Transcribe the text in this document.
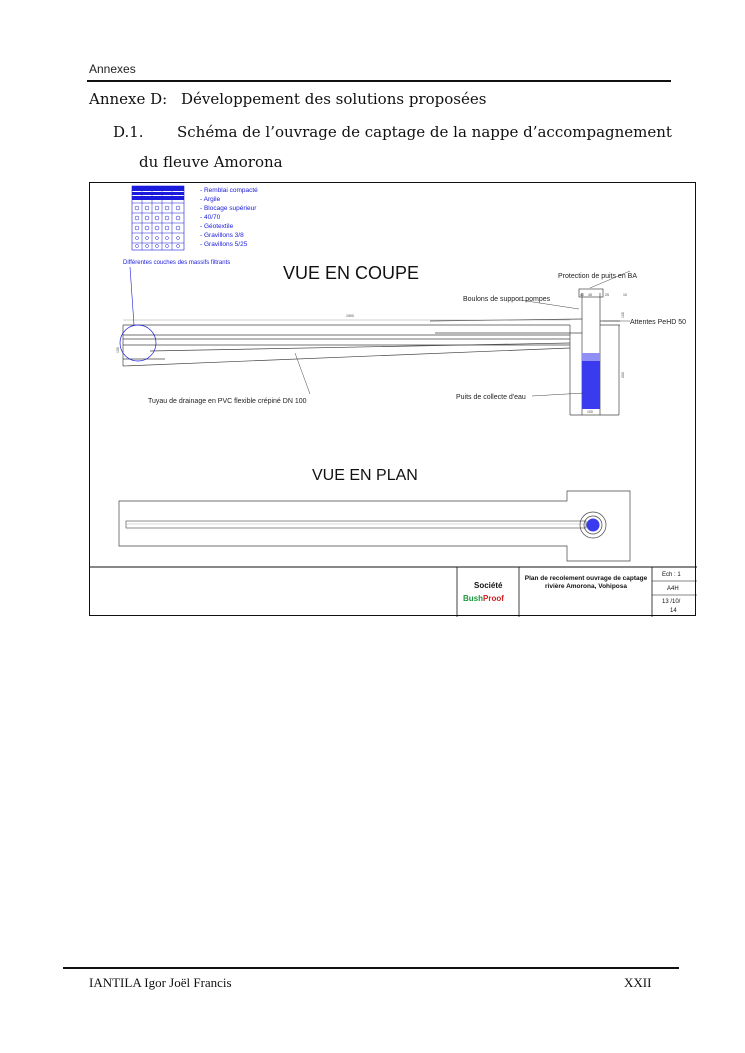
Annexes
Annexe D: Développement des solutions proposées
D.1. Schéma de l’ouvrage de captage de la nappe d’accompagnement
du fleuve Amorona
- Remblai compacté
- Argile
- Blocage supérieur
- 40/70
- Géotextile
- Gravillons 3/8
- Gravillons 5/25
Différentes couches des massifs filtrants	VUE EN COUPE
1900
150
40 45	25	10
100
200
100
Protection de puits en BA
Boulons de support pompes
Attentes PeHD 50
Tuyau de drainage en PVC flexible crépiné DN 100
Puits de collecte d'eau
VUE EN PLAN
Société
BushProof
Plan de recolement ouvrage de captage rivière Amorona, Vohiposa
Ech : 1
A4H
13 /10/
14
IANTILA Igor Joël Francis	XXII
